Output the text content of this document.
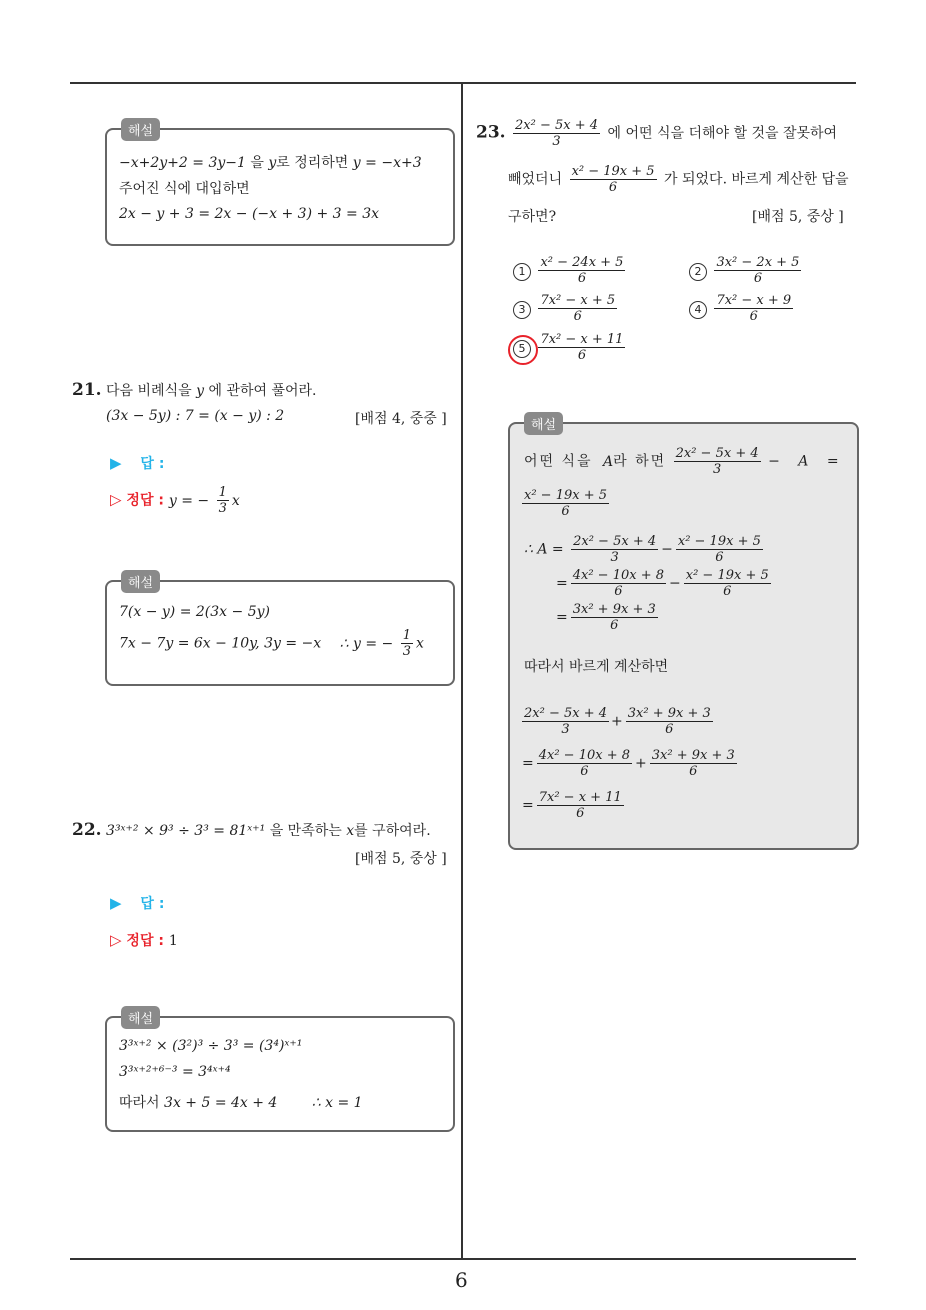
해설
−x+2y+2 = 3y−1 을 y로 정리하면 y = −x+3
주어진 식에 대입하면
2x − y + 3 = 2x − (−x + 3) + 3 = 3x
21. 다음 비례식을 y 에 관하여 풀어라.
(3x − 5y) : 7 = (x − y) : 2	[배점 4, 중중 ]
▶ 답 :
▷ 정답 : y = − $\frac{1}{3}$ x
해설
7(x − y) = 2(3x − 5y)
7x − 7y = 6x − 10y, 3y = −x ∴ y = − $\frac{1}{3}$ x
22. 3³ˣ⁺² × 9³ ÷ 3³ = 81ˣ⁺¹ 을 만족하는 x를 구하여라.
[배점 5, 중상 ]
▶ 답 :
▷ 정답 : 1
해설
3³ˣ⁺² × (3²)³ ÷ 3³ = (3⁴)ˣ⁺¹
3³ˣ⁺²⁺⁶⁻³ = 3⁴ˣ⁺⁴
따라서 3x + 5 = 4x + 4 ∴ x = 1
23. $\frac{\text{2x² − 5x + 4}}{3}$ 에 어떤 식을 더해야 할 것을 잘못하여
빼었더니 $\frac{\text{x² − 19x + 5}}{6}$ 가 되었다. 바르게 계산한 답을
구하면?	[배점 5, 중상 ]
$1 \frac{\text{x² − 24x + 5}}{6}$	$2 \frac{\text{3x² − 2x + 5}}{6}$
$3 \frac{\text{7x² − x + 5}}{6}$	$4 \frac{\text{7x² − x + 9}}{6}$
$5 \frac{\text{7x² − x + 11}}{6}$
해설
어떤 식을 A라 하면 $\frac{\text{2x² − 5x + 4}}{3} - A$ =
$\frac{\text{x² − 19x + 5}}{6}$
∴ $A = \frac{\text{2x² − 5x + 4}}{3} - \frac{\text{x² − 19x + 5}}{6}$
= $\frac{\text{4x² − 10x + 8}}{6} - \frac{\text{x² − 19x + 5}}{6}$
= $\frac{\text{3x² + 9x + 3}}{6}$
따라서 바르게 계산하면
$\frac{\text{2x² − 5x + 4}}{3} + \frac{\text{3x² + 9x + 3}}{6}$
= $\frac{\text{4x² − 10x + 8}}{6} + \frac{\text{3x² + 9x + 3}}{6}$
= $\frac{\text{7x² − x + 11}}{6}$
6
